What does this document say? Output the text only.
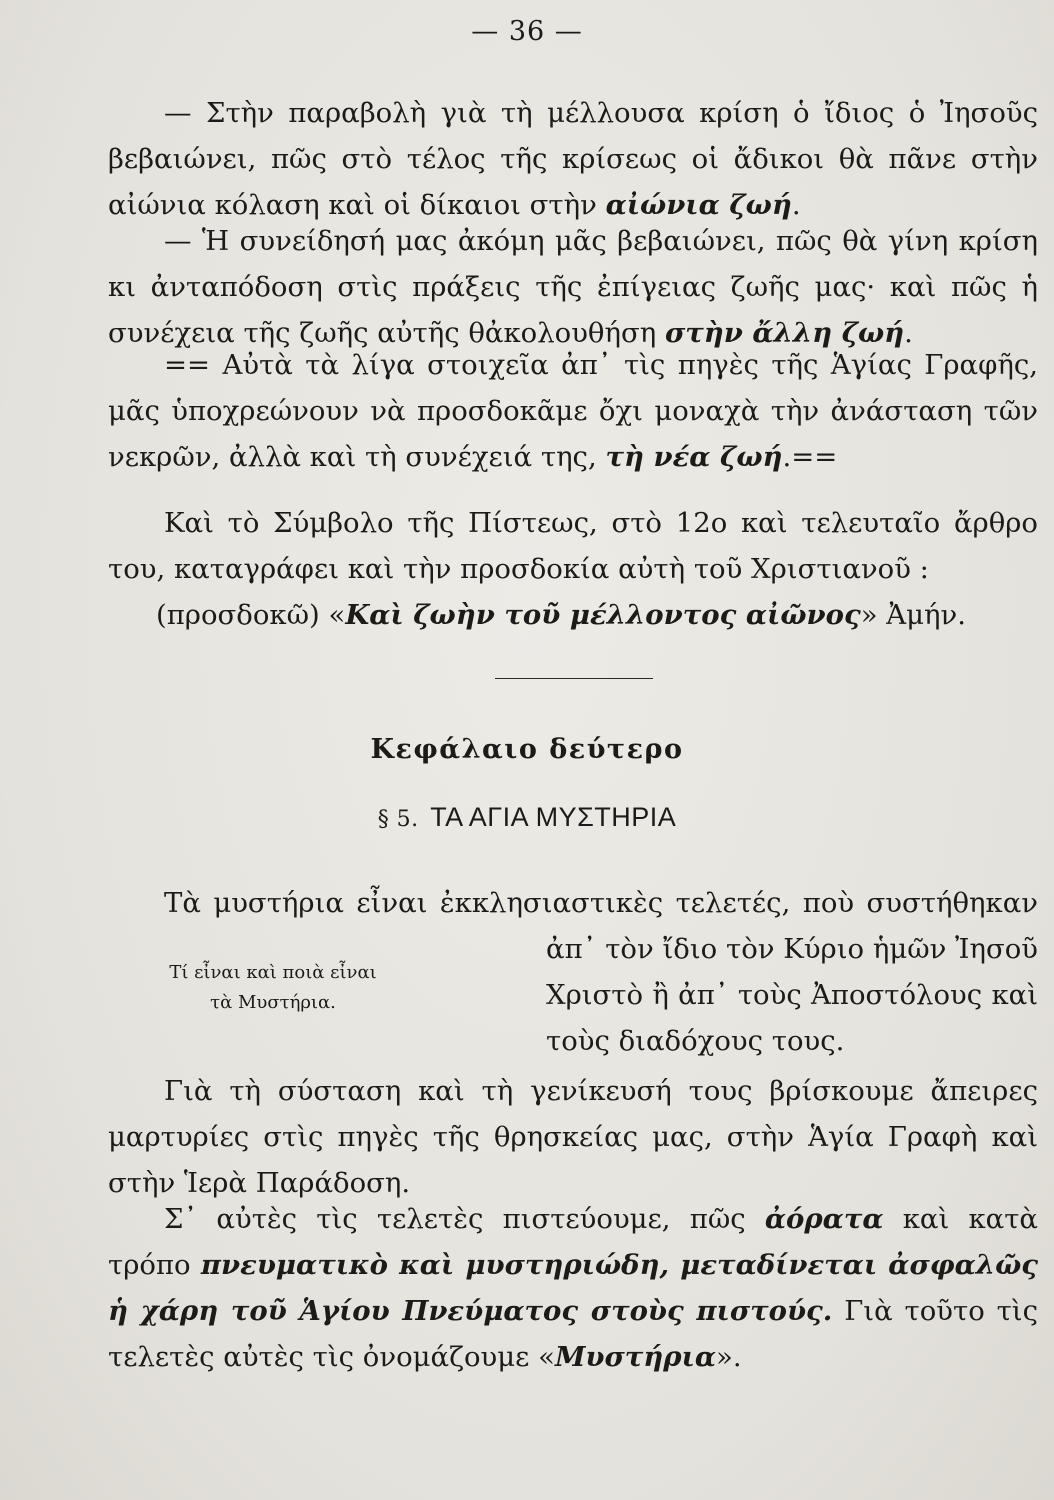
— 36 —

— Στὴν παραβολὴ γιὰ τὴ μέλλουσα κρίση ὁ ἴδιος ὁ Ἰησοῦς βεβαιώνει, πῶς στὸ τέλος τῆς κρίσεως οἱ ἄδικοι θὰ πᾶνε στὴν αἰώνια κόλαση καὶ οἱ δίκαιοι στὴν αἰώνια ζωή.

— Ἡ συνείδησή μας ἀκόμη μᾶς βεβαιώνει, πῶς θὰ γίνη κρίση κι ἀνταπόδοση στὶς πράξεις τῆς ἐπίγειας ζωῆς μας· καὶ πῶς ἡ συνέχεια τῆς ζωῆς αὐτῆς θἀκολουθήση στὴν ἄλλη ζωή.

== Αὐτὰ τὰ λίγα στοιχεῖα ἀπ᾿ τὶς πηγὲς τῆς Ἁγίας Γραφῆς, μᾶς ὑποχρεώνουν νὰ προσδοκᾶμε ὄχι μοναχὰ τὴν ἀνάσταση τῶν νεκρῶν, ἀλλὰ καὶ τὴ συνέχειά της, τὴ νέα ζωή.==

Καὶ τὸ Σύμβολο τῆς Πίστεως, στὸ 12ο καὶ τελευταῖο ἄρθρο του, καταγράφει καὶ τὴν προσδοκία αὐτὴ τοῦ Χριστιανοῦ :

(προσδοκῶ) «Καὶ ζωὴν τοῦ μέλλοντος αἰῶνος» Ἀμήν.

Κεφάλαιο δεύτερο
§ 5. ΤΑ ΑΓΙΑ ΜΥΣΤΗΡΙΑ

Τὰ μυστήρια εἶναι ἐκκλησιαστικὲς τελετές, ποὺ συστήθηκαν

ἀπ᾿ τὸν ἴδιο τὸν Κύριο ἡμῶν Ἰησοῦ
Χριστὸ ἢ ἀπ᾿ τοὺς Ἀποστόλους καὶ
τοὺς διαδόχους τους.
Τί εἶναι καὶ ποιὰ εἶναι
τὰ Μυστήρια.

Γιὰ τὴ σύσταση καὶ τὴ γενίκευσή τους βρίσκουμε ἄπειρες μαρτυρίες στὶς πηγὲς τῆς θρησκείας μας, στὴν Ἁγία Γραφὴ καὶ στὴν Ἱερὰ Παράδοση.

Σ᾿ αὐτὲς τὶς τελετὲς πιστεύουμε, πῶς ἀόρατα καὶ κατὰ τρόπο πνευματικὸ καὶ μυστηριώδη, μεταδίνεται ἀσφαλῶς ἡ χάρη τοῦ Ἁγίου Πνεύματος στοὺς πιστούς. Γιὰ τοῦτο τὶς τελετὲς αὐτὲς τὶς ὀνομάζουμε «Μυστήρια».
